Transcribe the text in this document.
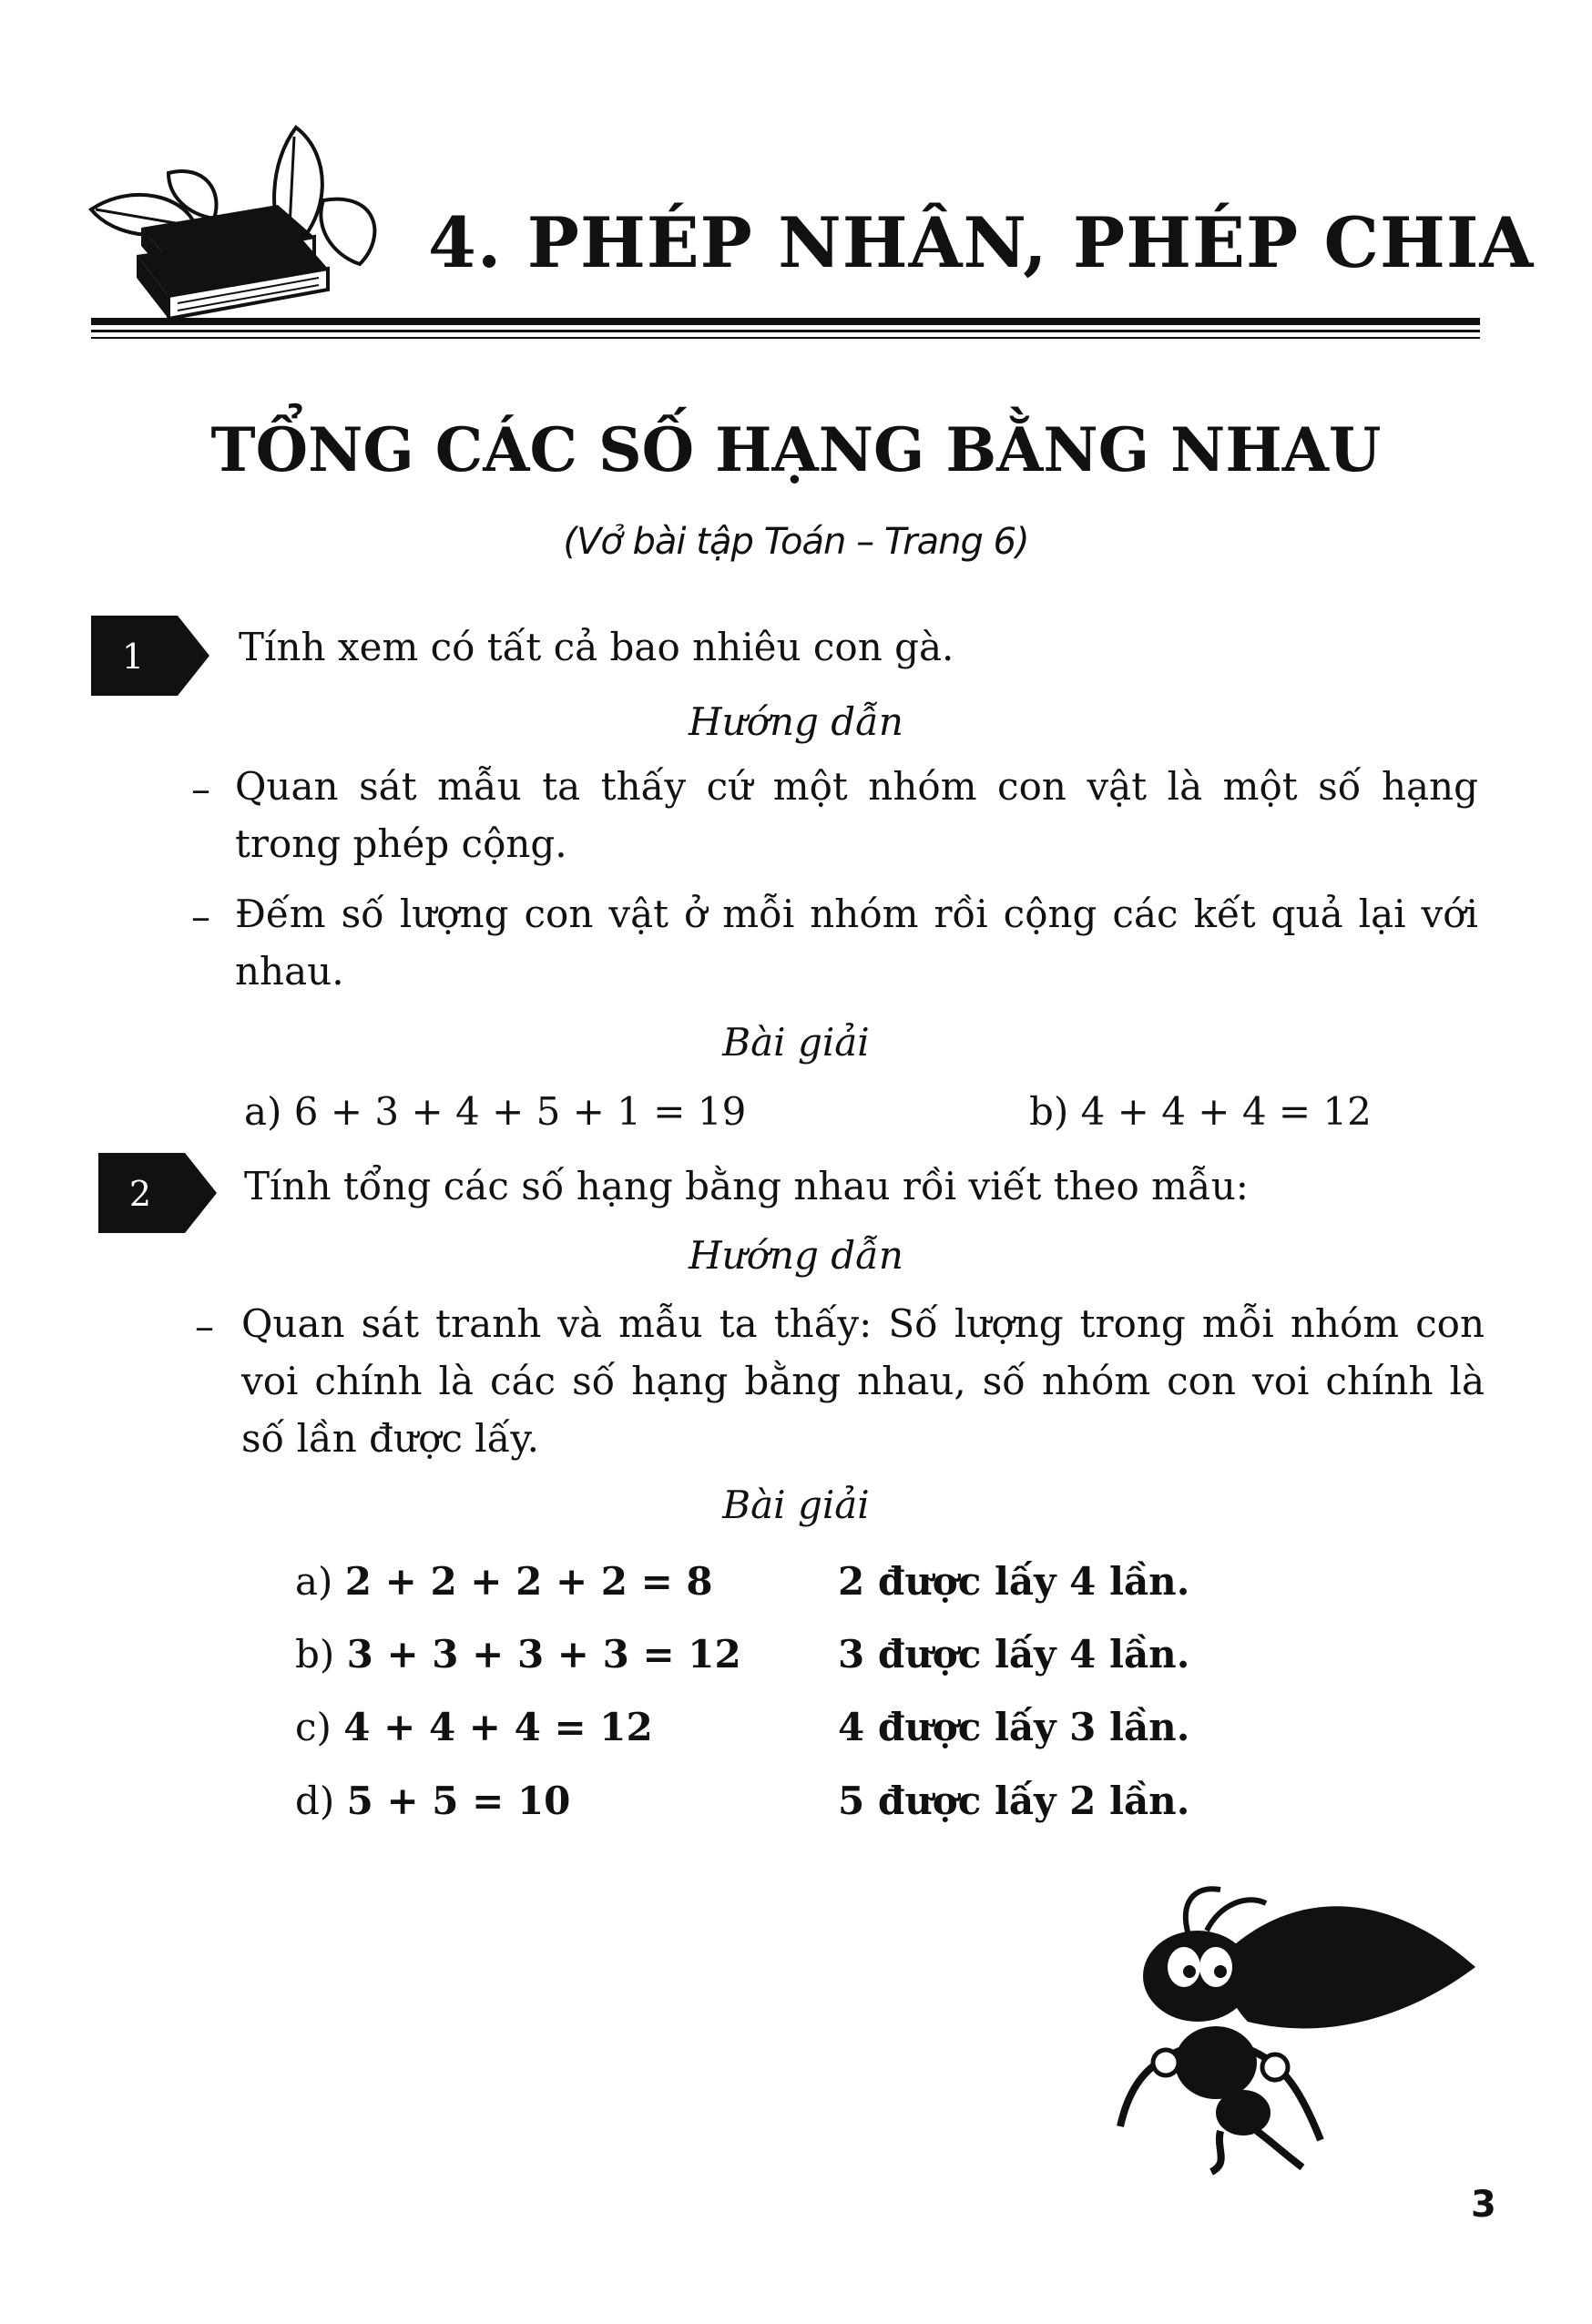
4. PHÉP NHÂN, PHÉP CHIA
TỔNG CÁC SỐ HẠNG BẰNG NHAU
(Vở bài tập Toán – Trang 6)
1 Tính xem có tất cả bao nhiêu con gà.
Hướng dẫn
– Quan sát mẫu ta thấy cứ một nhóm con vật là một số hạng trong phép cộng.
– Đếm số lượng con vật ở mỗi nhóm rồi cộng các kết quả lại với nhau.
Bài giải
a) 6 + 3 + 4 + 5 + 1 = 19	b) 4 + 4 + 4 = 12
2 Tính tổng các số hạng bằng nhau rồi viết theo mẫu:
Hướng dẫn
– Quan sát tranh và mẫu ta thấy: Số lượng trong mỗi nhóm con voi chính là các số hạng bằng nhau, số nhóm con voi chính là số lần được lấy.
Bài giải
a) 2 + 2 + 2 + 2 = 8	2 được lấy 4 lần.
b) 3 + 3 + 3 + 3 = 12	3 được lấy 4 lần.
c) 4 + 4 + 4 = 12	4 được lấy 3 lần.
d) 5 + 5 = 10	5 được lấy 2 lần.
3
